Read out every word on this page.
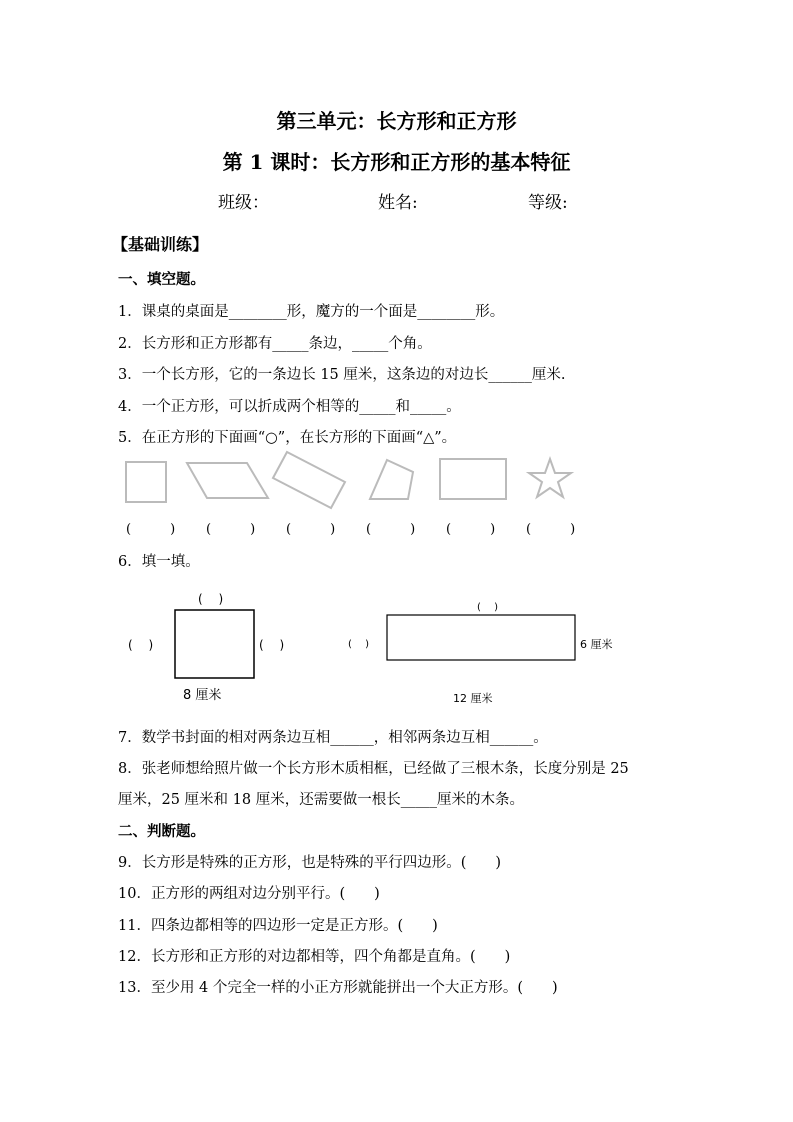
第三单元：长方形和正方形
第 1 课时：长方形和正方形的基本特征
班级：	姓名:	等级:
【基础训练】
一、填空题。
1．课桌的桌面是________形，魔方的一个面是________形。
2．长方形和正方形都有_____条边，_____个角。
3．一个长方形，它的一条边长 15 厘米，这条边的对边长______厘米.
4．一个正方形，可以折成两个相等的_____和_____。
5．在正方形的下面画“○”，在长方形的下面画“△”。
(　　　) (　　　) (　　　) (　　　) (　　　) (　　　)
6．填一填。
(　 )
(　 )	(　 )
8 厘米
(　 )
(　 )	6 厘米
12 厘米
7．数学书封面的相对两条边互相______，相邻两条边互相______。
8．张老师想给照片做一个长方形木质相框，已经做了三根木条，长度分别是 25
厘米，25 厘米和 18 厘米，还需要做一根长_____厘米的木条。
二、判断题。
9．长方形是特殊的正方形，也是特殊的平行四边形。(　　)
10．正方形的两组对边分别平行。(　　)
11．四条边都相等的四边形一定是正方形。(　　)
12．长方形和正方形的对边都相等，四个角都是直角。(　　)
13．至少用 4 个完全一样的小正方形就能拼出一个大正方形。(　　)
